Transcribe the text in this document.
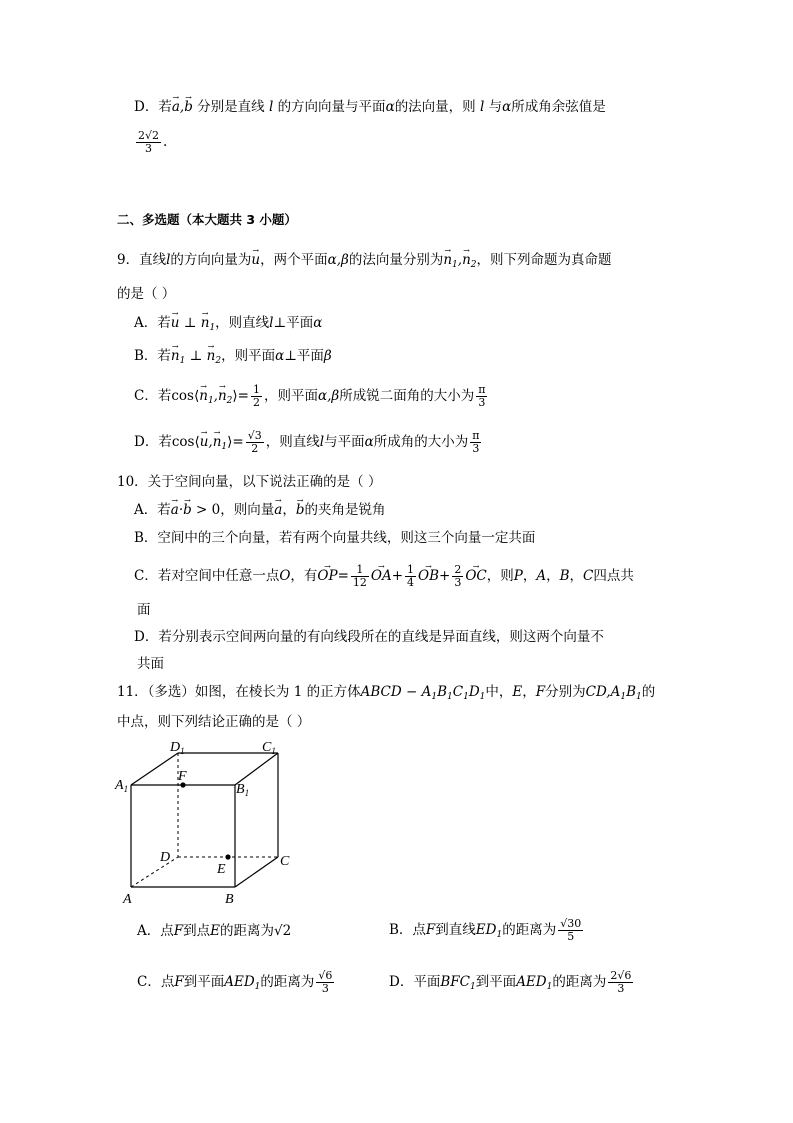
D．若→ a,→ b 分别是直线 l 的方向向量与平面α的法向量，则 l 与α所成角余弦值是
$\frac{2√2}{3}$ .
二、多选题（本大题共 3 小题）
9．直线l的方向向量为→ u，两个平面α,β的法向量分别为→ $n_1,\to n_2$，则下列命题为真命题
的是（ ）
A．若→ u ⊥ → $n_1$，则直线l⊥平面α
B．若→ $n_1$ ⊥ → $n_2$，则平面α⊥平面β
C．若cos⟨→ $n_1,\to$ $n_2⟩= \frac{1}{2}$ ，则平面α,β所成锐二面角的大小为 $\frac{\pi}{3}$
D．若cos⟨→ $u,\to n_1⟩= \frac{√3}{2}$ ，则直线l与平面α所成角的大小为 $\frac{\pi}{3}$
10．关于空间向量，以下说法正确的是（ ）
A．若→ a·→ b > 0，则向量→ a，→ b的夹角是锐角
B．空间中的三个向量，若有两个向量共线，则这三个向量一定共面
C．若对空间中任意一点O，有→ $OP= \frac{1}{12}$
→ $OA+ \frac{1}{4}$
→ $OB+ \frac{2}{3}$
→ OC，则P，A，B，C四点共
面
D．若分别表示空间两向量的有向线段所在的直线是异面直线，则这两个向量不
共面
11．（多选）如图，在棱长为 1 的正方体ABCD − $A_1B_1C_1D_1$中，E，F分别为$CD,A_1B_1$的
中点，则下列结论正确的是（ ）
$D_1$	$C_1$
$A_1$	$B_1$
F
D	C
E
A	B
A．点F到点E的距离为√2	B．点F到直线$ED_1$的距离为 $\frac{√30}{5}$
C．点F到平面$AED_1$的距离为 $\frac{√6}{3}$	D．平面$BFC_1$到平面$AED_1$的距离为 $\frac{2√6}{3}$
